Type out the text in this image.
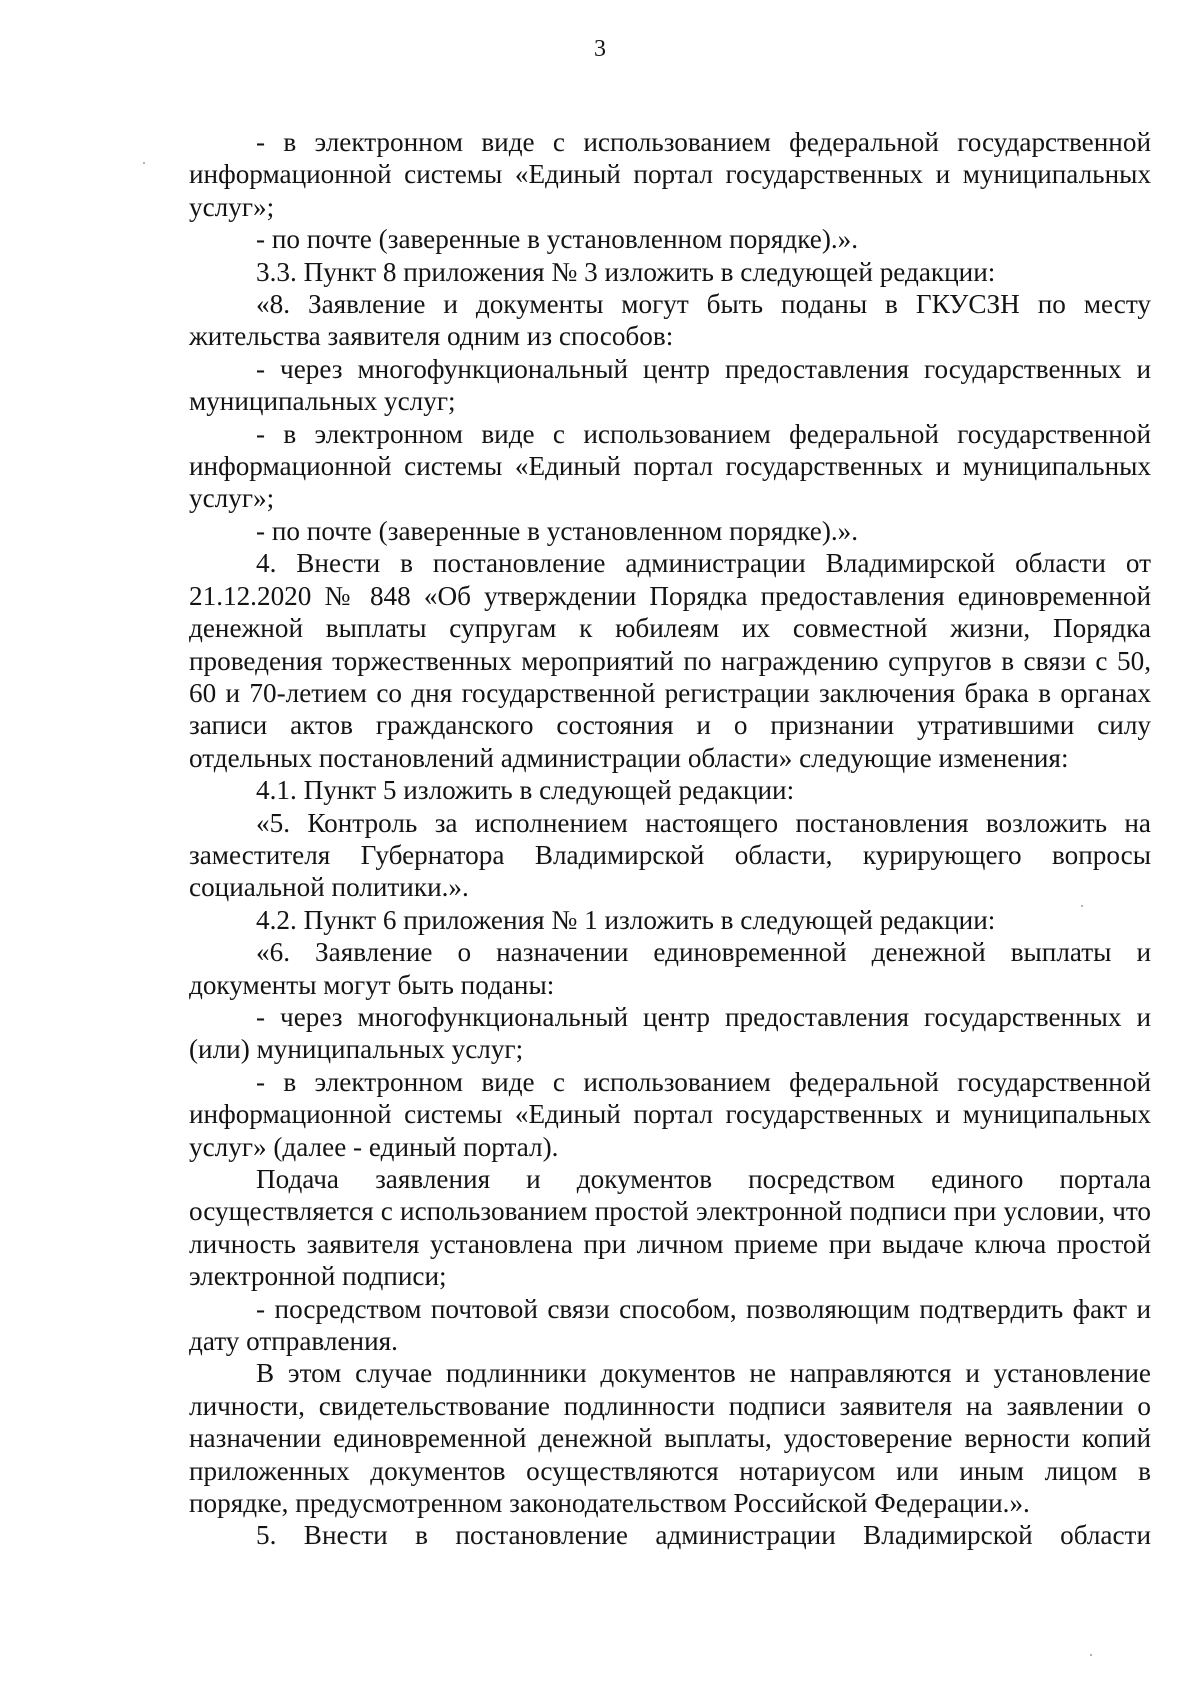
3

- в электронном виде с использованием федеральной государственной информационной системы «Единый портал государственных и муниципальных услуг»;

- по почте (заверенные в установленном порядке).».

3.3. Пункт 8 приложения № 3 изложить в следующей редакции:

«8. Заявление и документы могут быть поданы в ГКУСЗН по месту жительства заявителя одним из способов:

- через многофункциональный центр предоставления государственных и муниципальных услуг;

- в электронном виде с использованием федеральной государственной информационной системы «Единый портал государственных и муниципальных услуг»;

- по почте (заверенные в установленном порядке).».

4. Внести в постановление администрации Владимирской области от 21.12.2020 № 848 «Об утверждении Порядка предоставления единовременной денежной выплаты супругам к юбилеям их совместной жизни, Порядка проведения торжественных мероприятий по награждению супругов в связи с 50, 60 и 70-летием со дня государственной регистрации заключения брака в органах записи актов гражданского состояния и о признании утратившими силу отдельных постановлений администрации области» следующие изменения:

4.1. Пункт 5 изложить в следующей редакции:

«5. Контроль за исполнением настоящего постановления возложить на заместителя Губернатора Владимирской области, курирующего вопросы социальной политики.».

4.2. Пункт 6 приложения № 1 изложить в следующей редакции:

«6. Заявление о назначении единовременной денежной выплаты и документы могут быть поданы:

- через многофункциональный центр предоставления государственных и (или) муниципальных услуг;

- в электронном виде с использованием федеральной государственной информационной системы «Единый портал государственных и муниципальных услуг» (далее - единый портал).

Подача заявления и документов посредством единого портала осуществляется с использованием простой электронной подписи при условии, что личность заявителя установлена при личном приеме при выдаче ключа простой электронной подписи;

- посредством почтовой связи способом, позволяющим подтвердить факт и дату отправления.

В этом случае подлинники документов не направляются и установление личности, свидетельствование подлинности подписи заявителя на заявлении о назначении единовременной денежной выплаты, удостоверение верности копий приложенных документов осуществляются нотариусом или иным лицом в порядке, предусмотренном законодательством Российской Федерации.».

5. Внести в постановление администрации Владимирской области
